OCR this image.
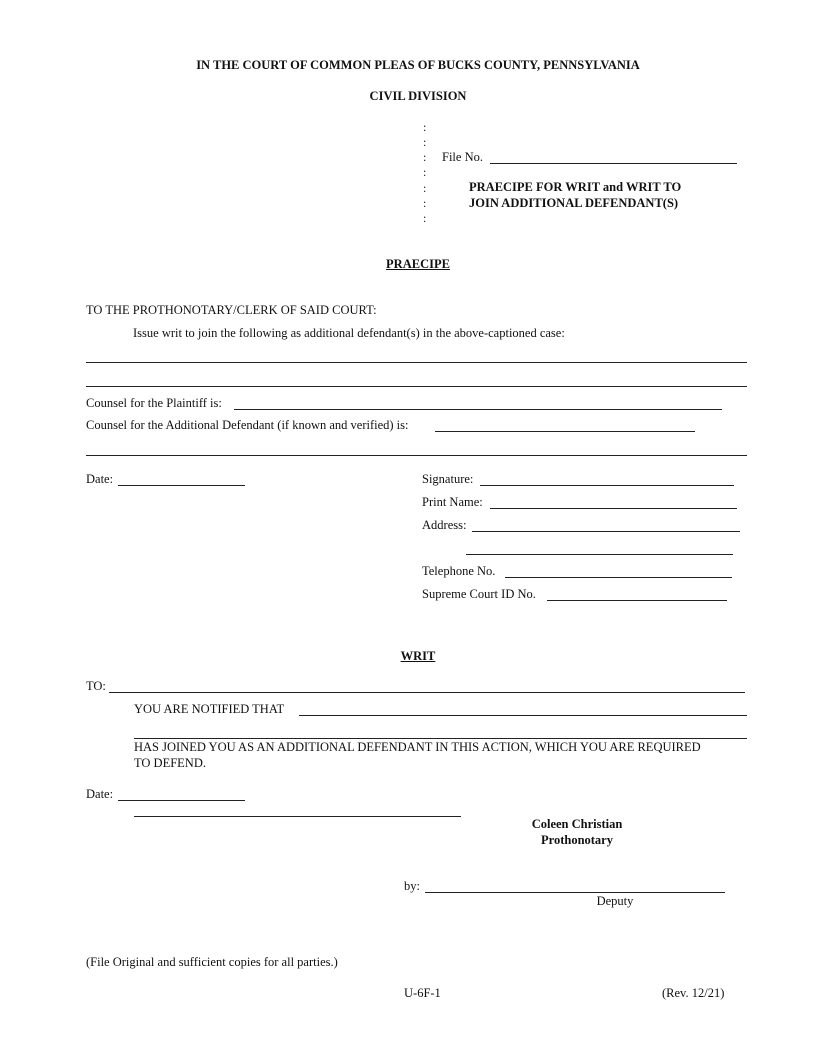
IN THE COURT OF COMMON PLEAS OF BUCKS COUNTY, PENNSYLVANIA
CIVIL DIVISION
:
:
:
:
:
:
:
File No.
PRAECIPE FOR WRIT and WRIT TO
JOIN ADDITIONAL DEFENDANT(S)
PRAECIPE
TO THE PROTHONOTARY/CLERK OF SAID COURT:
Issue writ to join the following as additional defendant(s) in the above-captioned case:
Counsel for the Plaintiff is:
Counsel for the Additional Defendant (if known and verified) is:
Date:	Signature:
Print Name:
Address:
Telephone No.
Supreme Court ID No.
WRIT
TO:
YOU ARE NOTIFIED THAT
HAS JOINED YOU AS AN ADDITIONAL DEFENDANT IN THIS ACTION, WHICH YOU ARE REQUIRED
TO DEFEND.
Date:
Coleen Christian
Prothonotary
by:
Deputy
(File Original and sufficient copies for all parties.)
U-6F-1	(Rev. 12/21)
